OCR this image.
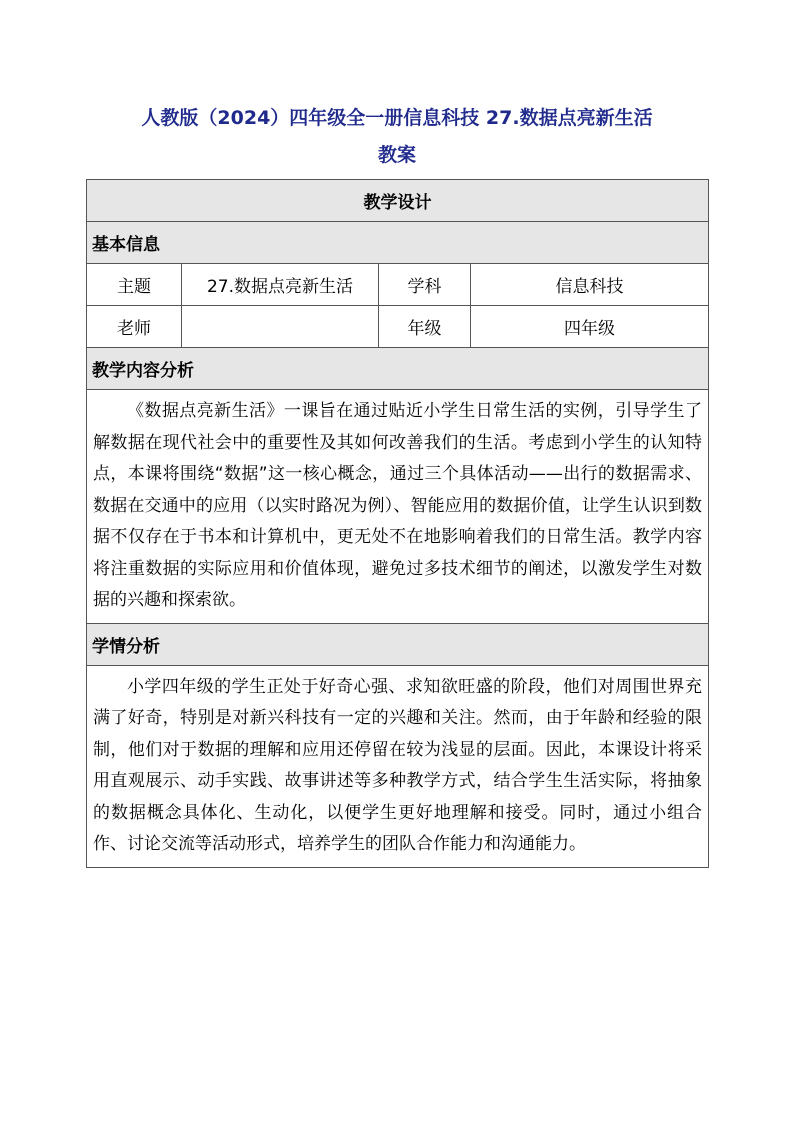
人教版（2024）四年级全一册信息科技 27.数据点亮新生活
教案
教学设计			
基本信息			
主题	27.数据点亮新生活	学科	信息科技
老师		年级	四年级
教学内容分析			

《数据点亮新生活》一课旨在通过贴近小学生日常生活的实例，引导学生了解数据在现代社会中的重要性及其如何改善我们的生活。考虑到小学生的认知特点，本课将围绕“数据”这一核心概念，通过三个具体活动——出行的数据需求、数据在交通中的应用（以实时路况为例）、智能应用的数据价值，让学生认识到数据不仅存在于书本和计算机中，更无处不在地影响着我们的日常生活。教学内容将注重数据的实际应用和价值体现，避免过多技术细节的阐述，以激发学生对数据的兴趣和探索欲。			

学情分析			

小学四年级的学生正处于好奇心强、求知欲旺盛的阶段，他们对周围世界充满了好奇，特别是对新兴科技有一定的兴趣和关注。然而，由于年龄和经验的限制，他们对于数据的理解和应用还停留在较为浅显的层面。因此，本课设计将采用直观展示、动手实践、故事讲述等多种教学方式，结合学生生活实际，将抽象的数据概念具体化、生动化，以便学生更好地理解和接受。同时，通过小组合作、讨论交流等活动形式，培养学生的团队合作能力和沟通能力。			
